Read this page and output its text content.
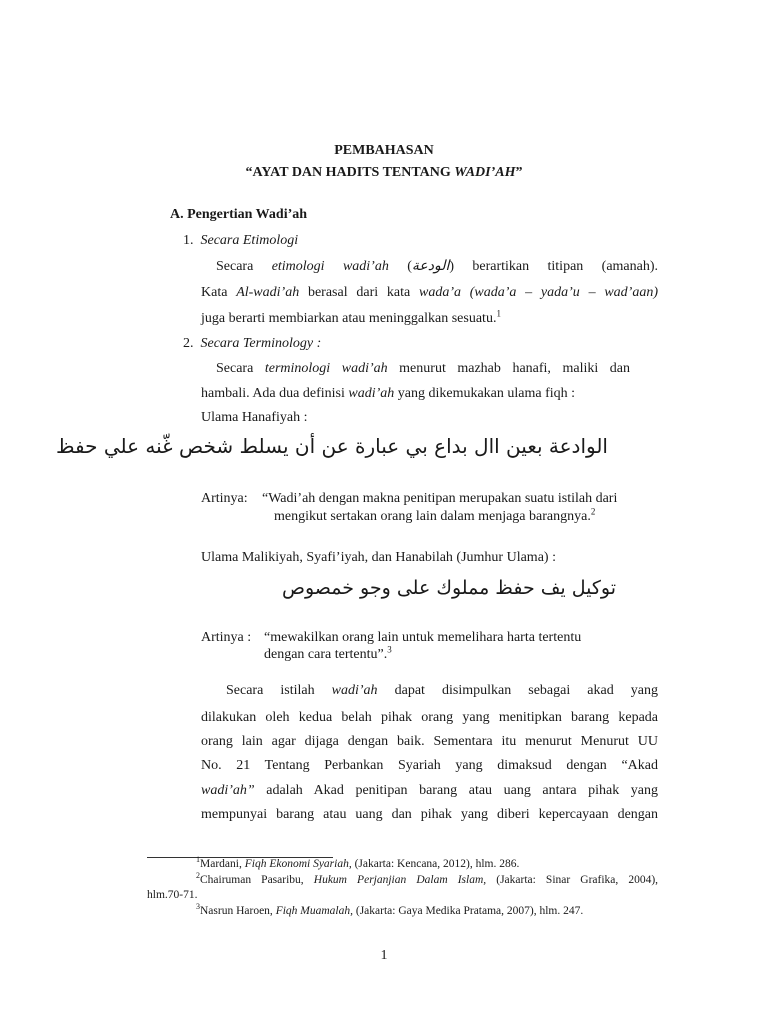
PEMBAHASAN
“AYAT DAN HADITS TENTANG WADI’AH”
A. Pengertian Wadi’ah
1. Secara Etimologi
Secara etimologi wadi’ah (الودعة) berartikan titipan (amanah).
Kata Al-wadi’ah berasal dari kata wada’a (wada’a – yada’u – wad’aan)
juga berarti membiarkan atau meninggalkan sesuatu.$^1$
2. Secara Terminology :
Secara terminologi wadi’ah menurut mazhab hanafi, maliki dan
hambali. Ada dua definisi wadi’ah yang dikemukakan ulama fiqh :
Ulama Hanafiyah :
الوادعة بعين اال بداع بي عبارة عن أن يسلط شخص غّنه علي حفظ
Artinya: “Wadi’ah dengan makna penitipan merupakan suatu istilah dari
mengikut sertakan orang lain dalam menjaga barangnya.$^2$
Ulama Malikiyah, Syafi’iyah, dan Hanabilah (Jumhur Ulama) :
توكيل يف حفظ مملوك على وجو خمصوص
Artinya : “mewakilkan orang lain untuk memelihara harta tertentu
dengan cara tertentu”.$^3$
Secara istilah wadi’ah dapat disimpulkan sebagai akad yang
dilakukan oleh kedua belah pihak orang yang menitipkan barang kepada
orang lain agar dijaga dengan baik. Sementara itu menurut Menurut UU
No. 21 Tentang Perbankan Syariah yang dimaksud dengan “Akad
wadi’ah” adalah Akad penitipan barang atau uang antara pihak yang
mempunyai barang atau uang dan pihak yang diberi kepercayaan dengan
$^1$Mardani, Fiqh Ekonomi Syariah, (Jakarta: Kencana, 2012), hlm. 286.
$^2$Chairuman Pasaribu, Hukum Perjanjian Dalam Islam, (Jakarta: Sinar Grafika, 2004),
hlm.70-71.
$^3$Nasrun Haroen, Fiqh Muamalah, (Jakarta: Gaya Medika Pratama, 2007), hlm. 247.
1
